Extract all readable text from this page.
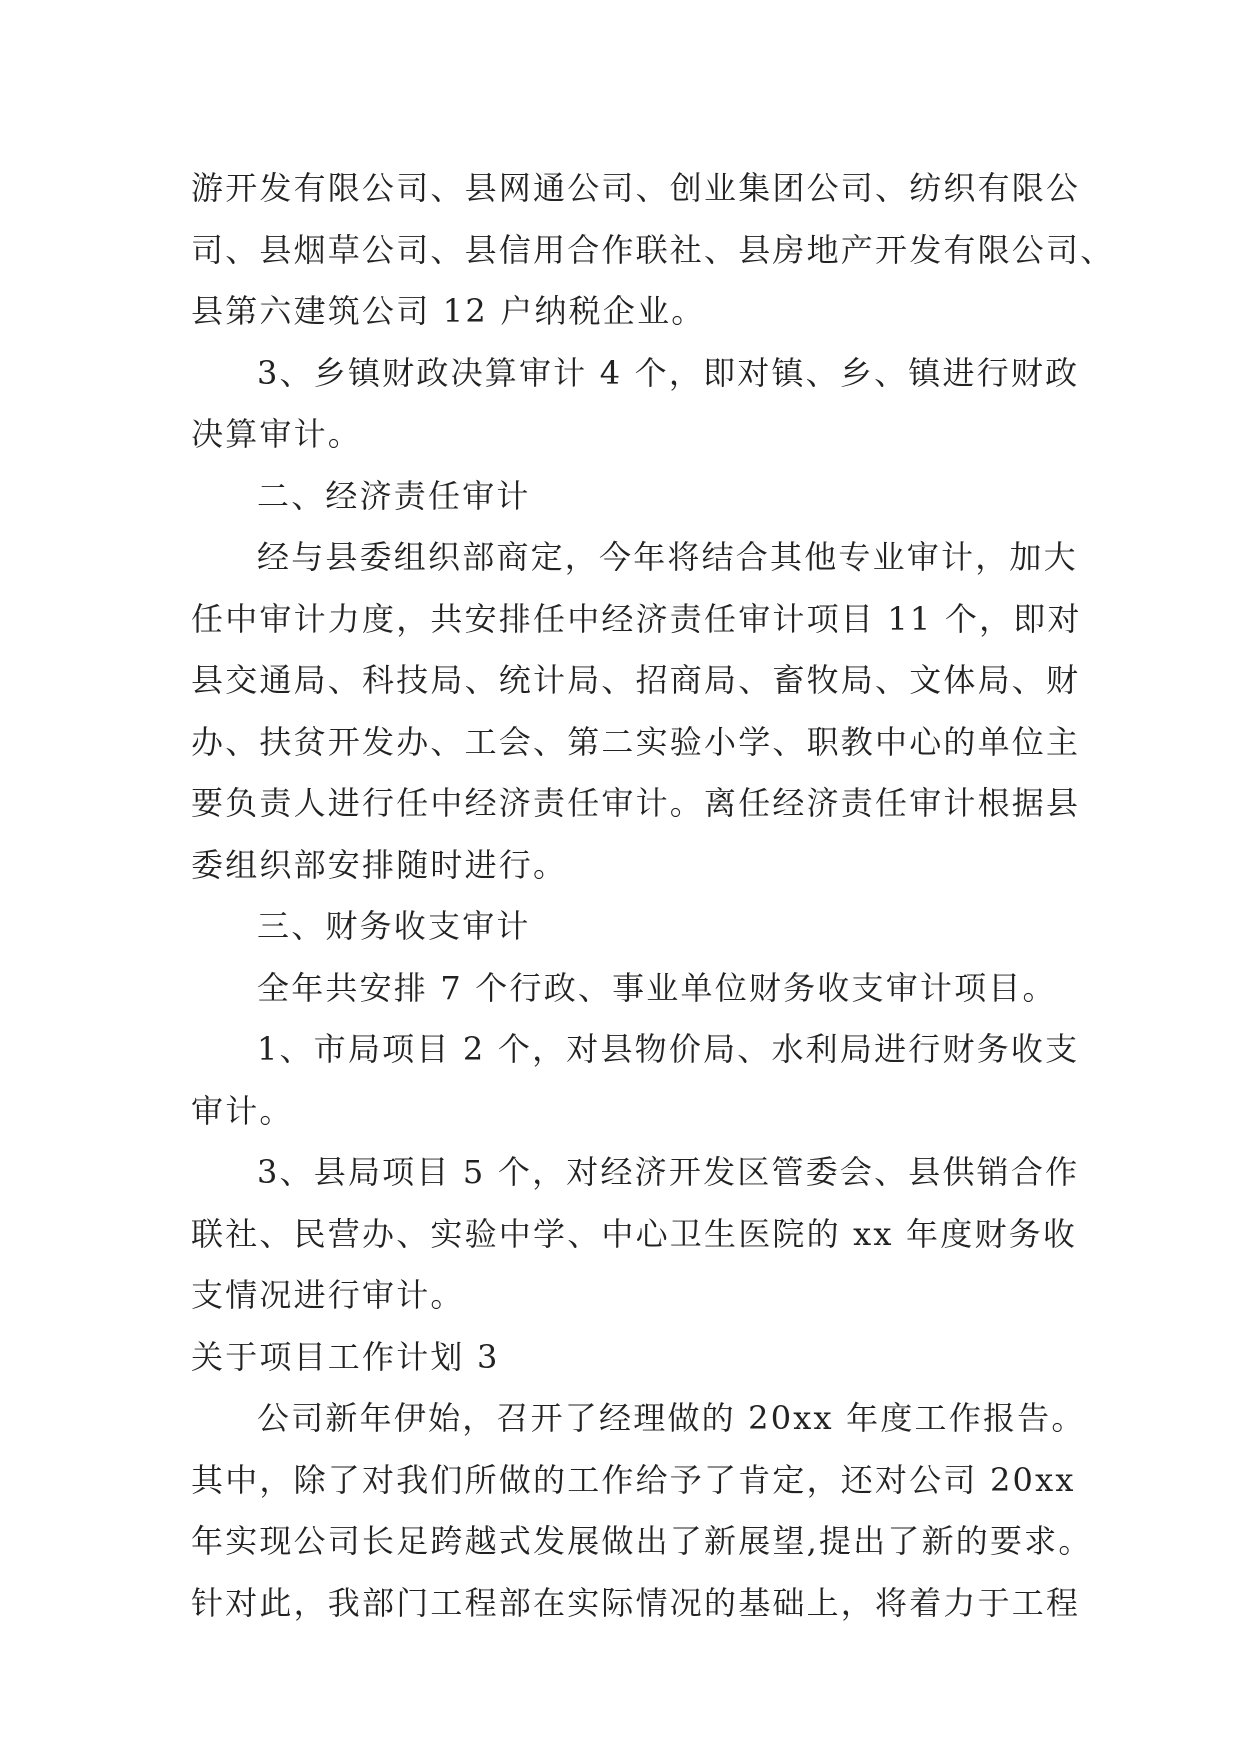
游开发有限公司、县网通公司、创业集团公司、纺织有限公
司、县烟草公司、县信用合作联社、县房地产开发有限公司、
县第六建筑公司 12 户纳税企业。
3、乡镇财政决算审计 4 个，即对镇、乡、镇进行财政
决算审计。
二、经济责任审计
经与县委组织部商定，今年将结合其他专业审计，加大
任中审计力度，共安排任中经济责任审计项目 11 个，即对
县交通局、科技局、统计局、招商局、畜牧局、文体局、财
办、扶贫开发办、工会、第二实验小学、职教中心的单位主
要负责人进行任中经济责任审计。离任经济责任审计根据县
委组织部安排随时进行。
三、财务收支审计
全年共安排 7 个行政、事业单位财务收支审计项目。
1、市局项目 2 个，对县物价局、水利局进行财务收支
审计。
3、县局项目 5 个，对经济开发区管委会、县供销合作
联社、民营办、实验中学、中心卫生医院的 xx 年度财务收
支情况进行审计。
关于项目工作计划 3
公司新年伊始，召开了经理做的 20xx 年度工作报告。
其中，除了对我们所做的工作给予了肯定，还对公司 20xx
年实现公司长足跨越式发展做出了新展望,提出了新的要求。
针对此，我部门工程部在实际情况的基础上，将着力于工程
